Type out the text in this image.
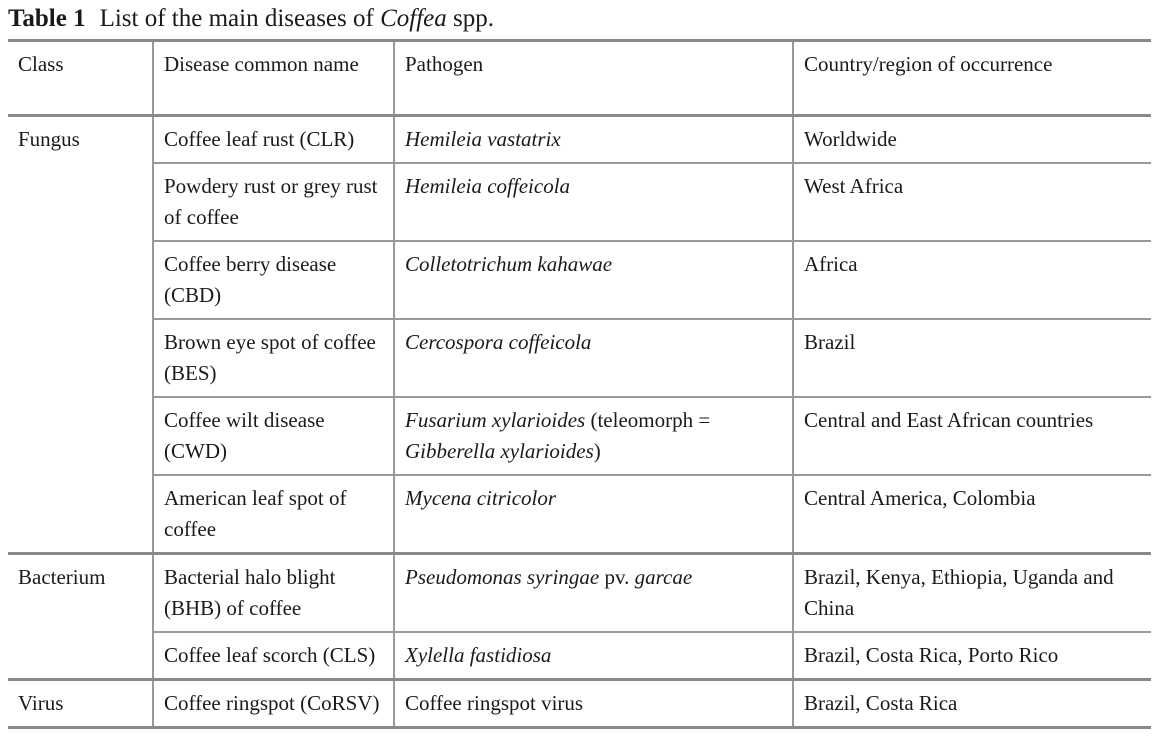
Table 1 List of the main diseases of Coffea spp.
Class	Disease common name	Pathogen	Country/region of occurrence
Fungus	Coffee leaf rust (CLR)	Hemileia vastatrix	Worldwide
	Powdery rust or grey rust of coffee	Hemileia coffeicola	West Africa
	Coffee berry disease (CBD)	Colletotrichum kahawae	Africa
	Brown eye spot of coffee (BES)	Cercospora coffeicola	Brazil
	Coffee wilt disease (CWD)	Fusarium xylarioides (teleomorph = Gibberella xylarioides)	Central and East African countries
	American leaf spot of coffee	Mycena citricolor	Central America, Colombia
Bacterium	Bacterial halo blight (BHB) of coffee	Pseudomonas syringae pv. garcae	Brazil, Kenya, Ethiopia, Uganda and China
	Coffee leaf scorch (CLS)	Xylella fastidiosa	Brazil, Costa Rica, Porto Rico
Virus	Coffee ringspot (CoRSV)	Coffee ringspot virus	Brazil, Costa Rica
